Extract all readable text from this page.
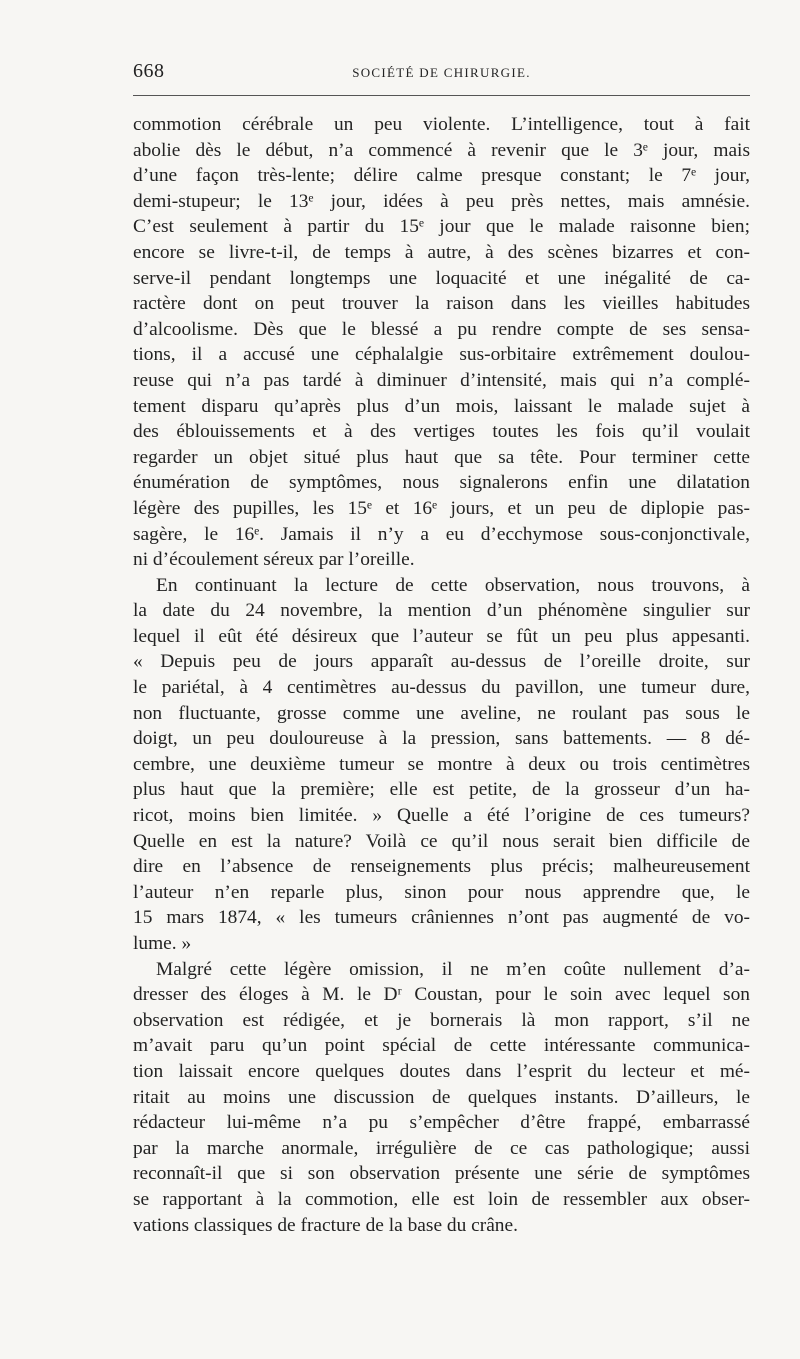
668	SOCIÉTÉ DE CHIRURGIE.
commotion cérébrale un peu violente. L’intelligence, tout à fait
abolie dès le début, n’a commencé à revenir que le 3ᵉ jour, mais
d’une façon très-lente; délire calme presque constant; le 7ᵉ jour,
demi-stupeur; le 13ᵉ jour, idées à peu près nettes, mais amnésie.
C’est seulement à partir du 15ᵉ jour que le malade raisonne bien;
encore se livre-t-il, de temps à autre, à des scènes bizarres et con-
serve-il pendant longtemps une loquacité et une inégalité de ca-
ractère dont on peut trouver la raison dans les vieilles habitudes
d’alcoolisme. Dès que le blessé a pu rendre compte de ses sensa-
tions, il a accusé une céphalalgie sus-orbitaire extrêmement doulou-
reuse qui n’a pas tardé à diminuer d’intensité, mais qui n’a complé-
tement disparu qu’après plus d’un mois, laissant le malade sujet à
des éblouissements et à des vertiges toutes les fois qu’il voulait
regarder un objet situé plus haut que sa tête. Pour terminer cette
énumération de symptômes, nous signalerons enfin une dilatation
légère des pupilles, les 15ᵉ et 16ᵉ jours, et un peu de diplopie pas-
sagère, le 16ᵉ. Jamais il n’y a eu d’ecchymose sous-conjonctivale,
ni d’écoulement séreux par l’oreille.
En continuant la lecture de cette observation, nous trouvons, à
la date du 24 novembre, la mention d’un phénomène singulier sur
lequel il eût été désireux que l’auteur se fût un peu plus appesanti.
« Depuis peu de jours apparaît au-dessus de l’oreille droite, sur
le pariétal, à 4 centimètres au-dessus du pavillon, une tumeur dure,
non fluctuante, grosse comme une aveline, ne roulant pas sous le
doigt, un peu douloureuse à la pression, sans battements. — 8 dé-
cembre, une deuxième tumeur se montre à deux ou trois centimètres
plus haut que la première; elle est petite, de la grosseur d’un ha-
ricot, moins bien limitée. » Quelle a été l’origine de ces tumeurs?
Quelle en est la nature? Voilà ce qu’il nous serait bien difficile de
dire en l’absence de renseignements plus précis; malheureusement
l’auteur n’en reparle plus, sinon pour nous apprendre que, le
15 mars 1874, « les tumeurs crâniennes n’ont pas augmenté de vo-
lume. »
Malgré cette légère omission, il ne m’en coûte nullement d’a-
dresser des éloges à M. le Dʳ Coustan, pour le soin avec lequel son
observation est rédigée, et je bornerais là mon rapport, s’il ne
m’avait paru qu’un point spécial de cette intéressante communica-
tion laissait encore quelques doutes dans l’esprit du lecteur et mé-
ritait au moins une discussion de quelques instants. D’ailleurs, le
rédacteur lui-même n’a pu s’empêcher d’être frappé, embarrassé
par la marche anormale, irrégulière de ce cas pathologique; aussi
reconnaît-il que si son observation présente une série de symptômes
se rapportant à la commotion, elle est loin de ressembler aux obser-
vations classiques de fracture de la base du crâne.
